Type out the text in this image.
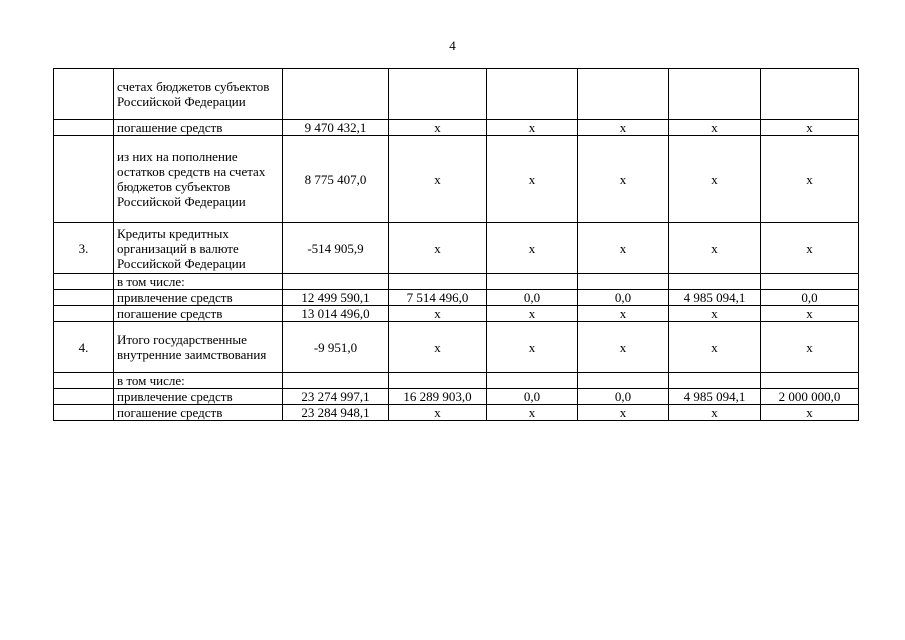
4
	счетах бюджетов субъектов Российской Федерации						
	погашение средств	9 470 432,1	x	x	x	x	x
	из них на пополнение остатков средств на счетах бюджетов субъектов Российской Федерации	8 775 407,0	x	x	x	x	x
3.	Кредиты кредитных организаций в валюте Российской Федерации	-514 905,9	x	x	x	x	x
	в том числе:						
	привлечение средств	12 499 590,1	7 514 496,0	0,0	0,0	4 985 094,1	0,0
	погашение средств	13 014 496,0	x	x	x	x	x
4.	Итого государственные внутренние заимствования	-9 951,0	x	x	x	x	x
	в том числе:						
	привлечение средств	23 274 997,1	16 289 903,0	0,0	0,0	4 985 094,1	2 000 000,0
	погашение средств	23 284 948,1	x	x	x	x	x
